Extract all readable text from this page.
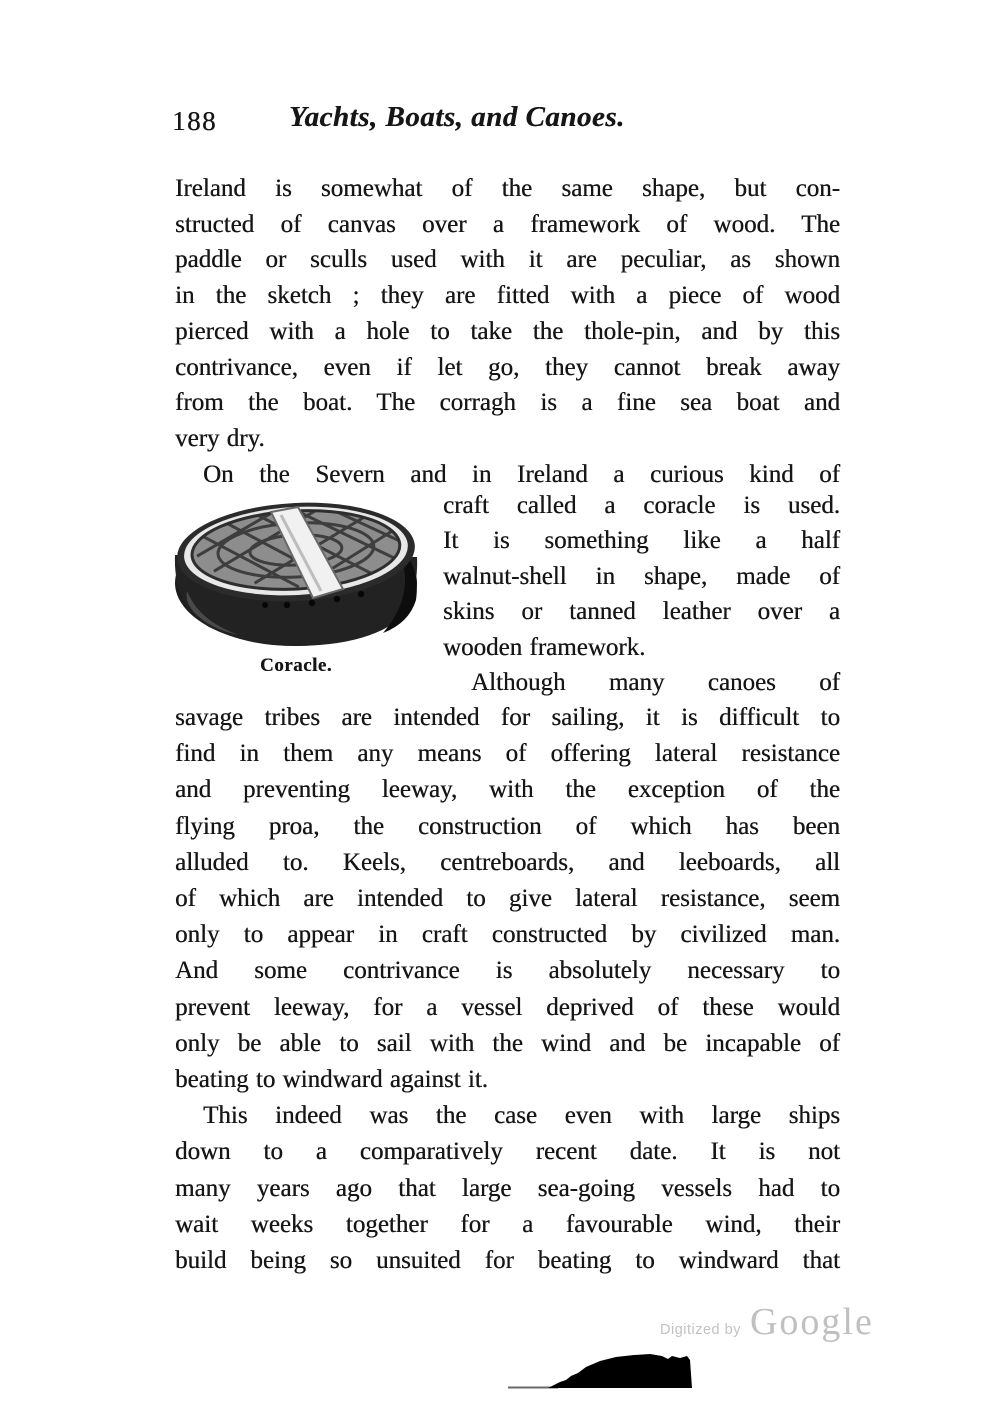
188 Yachts, Boats, and Canoes.
Ireland is somewhat of the same shape, but con-
structed of canvas over a framework of wood. The
paddle or sculls used with it are peculiar, as shown
in the sketch ; they are fitted with a piece of wood
pierced with a hole to take the thole-pin, and by this
contrivance, even if let go, they cannot break away
from the boat. The corragh is a fine sea boat and
very dry.
On the Severn and in Ireland a curious kind of
Coracle.
craft called a coracle is used.
It is something like a half
walnut-shell in shape, made of
skins or tanned leather over a
wooden framework.
Although many canoes of
savage tribes are intended for sailing, it is difficult to
find in them any means of offering lateral resistance
and preventing leeway, with the exception of the
flying proa, the construction of which has been
alluded to. Keels, centreboards, and leeboards, all
of which are intended to give lateral resistance, seem
only to appear in craft constructed by civilized man.
And some contrivance is absolutely necessary to
prevent leeway, for a vessel deprived of these would
only be able to sail with the wind and be incapable of
beating to windward against it.
This indeed was the case even with large ships
down to a comparatively recent date. It is not
many years ago that large sea-going vessels had to
wait weeks together for a favourable wind, their
build being so unsuited for beating to windward that
Digitized by Google
